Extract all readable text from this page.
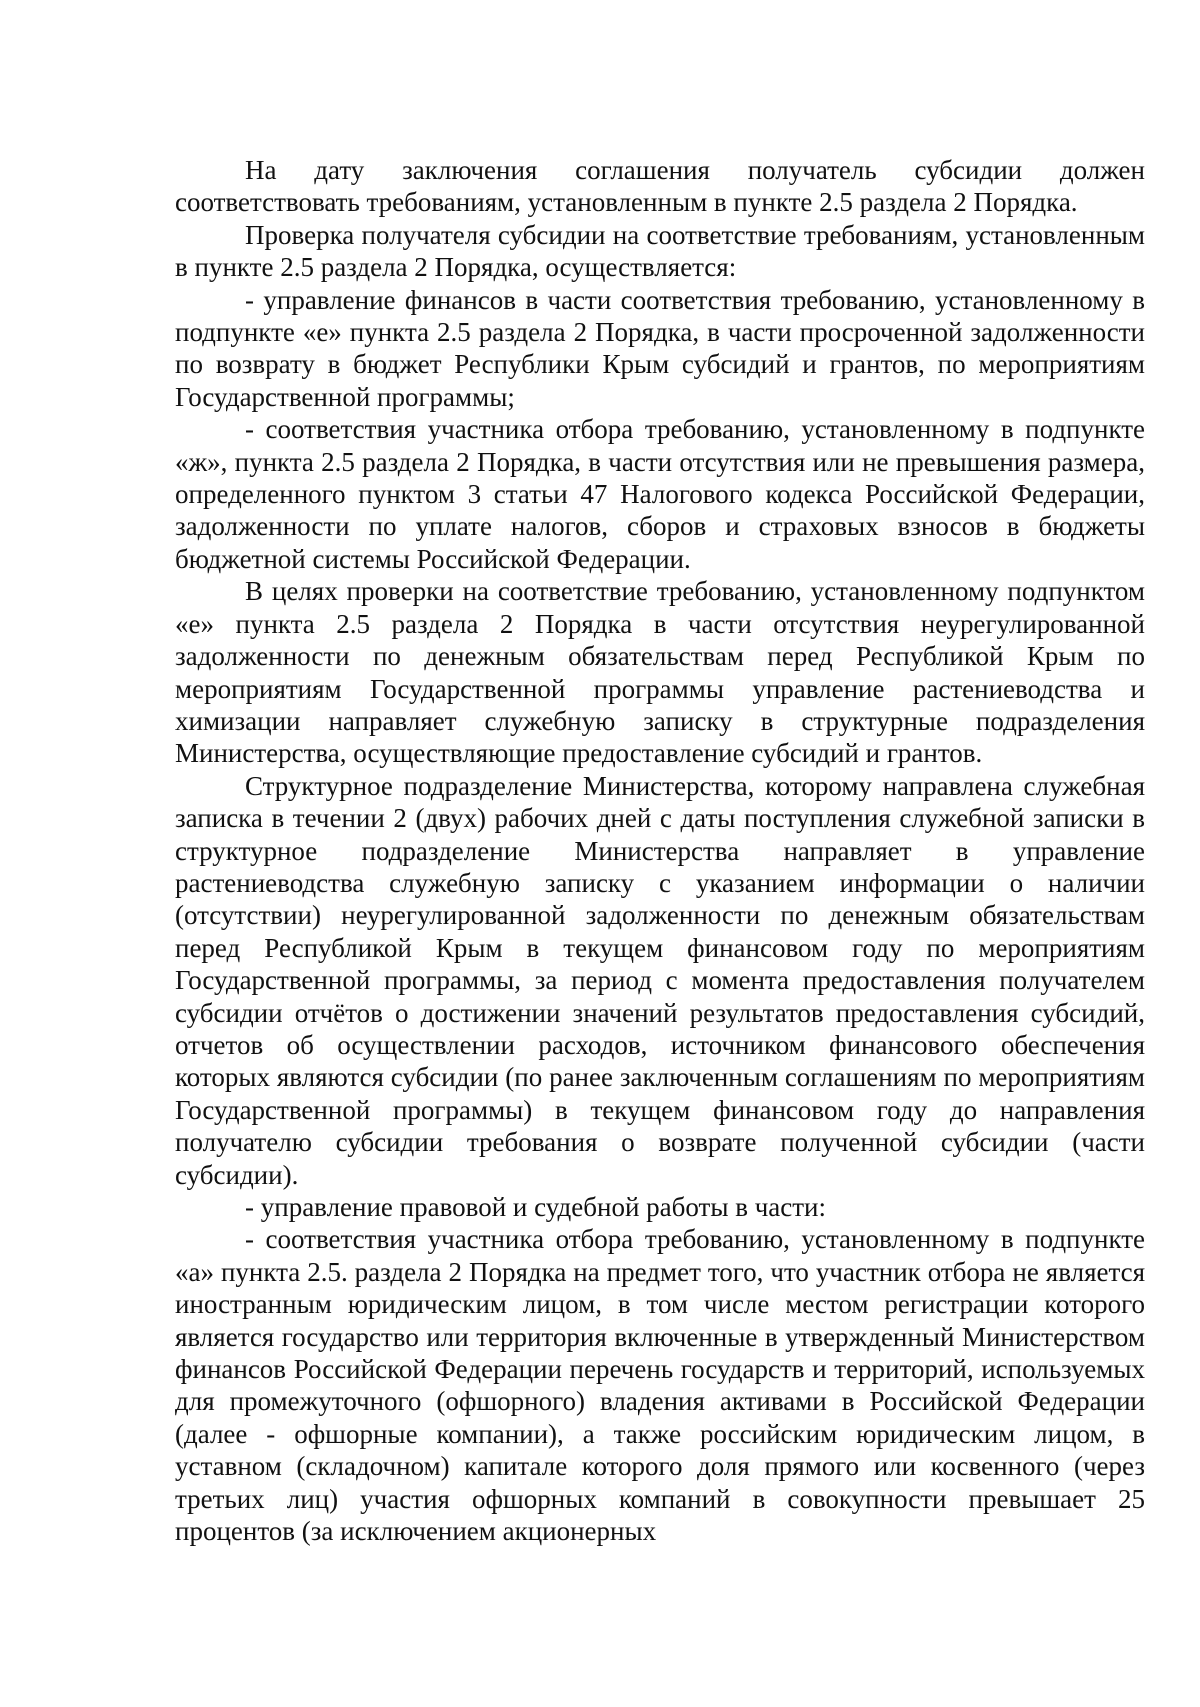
На дату заключения соглашения получатель субсидии должен соответствовать требованиям, установленным в пункте 2.5 раздела 2 Порядка.

Проверка получателя субсидии на соответствие требованиям, установленным в пункте 2.5 раздела 2 Порядка, осуществляется:

- управление финансов в части соответствия требованию, установленному в подпункте «е» пункта 2.5 раздела 2 Порядка, в части просроченной задолженности по возврату в бюджет Республики Крым субсидий и грантов, по мероприятиям Государственной программы;

- соответствия участника отбора требованию, установленному в подпункте «ж», пункта 2.5 раздела 2 Порядка, в части отсутствия или не превышения размера, определенного пунктом 3 статьи 47 Налогового кодекса Российской Федерации, задолженности по уплате налогов, сборов и страховых взносов в бюджеты бюджетной системы Российской Федерации.

В целях проверки на соответствие требованию, установленному подпунктом «е» пункта 2.5 раздела 2 Порядка в части отсутствия неурегулированной задолженности по денежным обязательствам перед Республикой Крым по мероприятиям Государственной программы управление растениеводства и химизации направляет служебную записку в структурные подразделения Министерства, осуществляющие предоставление субсидий и грантов.

Структурное подразделение Министерства, которому направлена служебная записка в течении 2 (двух) рабочих дней с даты поступления служебной записки в структурное подразделение Министерства направляет в управление растениеводства служебную записку с указанием информации о наличии (отсутствии) неурегулированной задолженности по денежным обязательствам перед Республикой Крым в текущем финансовом году по мероприятиям Государственной программы, за период с момента предоставления получателем субсидии отчётов о достижении значений результатов предоставления субсидий, отчетов об осуществлении расходов, источником финансового обеспечения которых являются субсидии (по ранее заключенным соглашениям по мероприятиям Государственной программы) в текущем финансовом году до направления получателю субсидии требования о возврате полученной субсидии (части субсидии).

- управление правовой и судебной работы в части:

- соответствия участника отбора требованию, установленному в подпункте «а» пункта 2.5. раздела 2 Порядка на предмет того, что участник отбора не является иностранным юридическим лицом, в том числе местом регистрации которого является государство или территория включенные в утвержденный Министерством финансов Российской Федерации перечень государств и территорий, используемых для промежуточного (офшорного) владения активами в Российской Федерации (далее - офшорные компании), а также российским юридическим лицом, в уставном (складочном) капитале которого доля прямого или косвенного (через третьих лиц) участия офшорных компаний в совокупности превышает 25 процентов (за исключением акционерных
